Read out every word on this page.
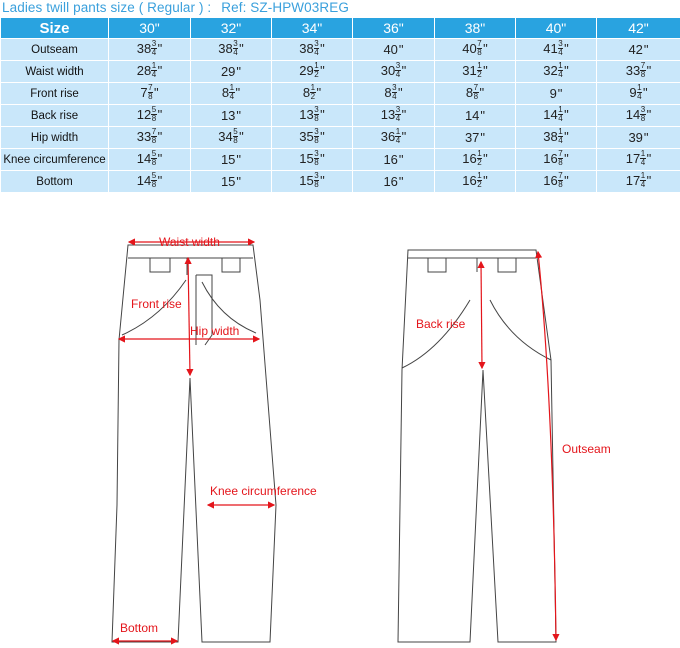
Ladies twill pants size ( Regular ) : Ref: SZ-HPW03REG
Size	30"	32"	34"	36"	38"	40"	42"
Outseam	$38 \frac{3}{4}$ "	$38 \frac{3}{4}$ "	$38 \frac{3}{4}$ "	40"	$40 \frac{7}{8}$ "	$41 \frac{3}{4}$ "	42"
Waist width	$28 \frac{1}{4}$ "	29"	$29 \frac{1}{2}$ "	$30 \frac{3}{4}$ "	$31 \frac{1}{2}$ "	$32 \frac{1}{4}$ "	$33 \frac{7}{8}$ "
Front rise	$7 \frac{7}{8}$ "	$8 \frac{1}{4}$ "	$8 \frac{1}{2}$ "	$8 \frac{3}{4}$ "	$8 \frac{7}{8}$ "	9"	$9 \frac{1}{4}$ "
Back rise	$12 \frac{5}{8}$ "	13"	$13 \frac{3}{8}$ "	$13 \frac{3}{4}$ "	14"	$14 \frac{1}{4}$ "	$14 \frac{3}{8}$ "
Hip width	$33 \frac{7}{8}$ "	$34 \frac{5}{8}$ "	$35 \frac{3}{8}$ "	$36 \frac{1}{4}$ "	37"	$38 \frac{1}{4}$ "	39"
Knee circumference	$14 \frac{5}{8}$ "	15"	$15 \frac{3}{8}$ "	16"	$16 \frac{1}{2}$ "	$16 \frac{7}{8}$ "	$17 \frac{1}{4}$ "
Bottom	$14 \frac{5}{8}$ "	15"	$15 \frac{3}{8}$ "	16"	$16 \frac{1}{2}$ "	$16 \frac{7}{8}$ "	$17 \frac{1}{4}$ "
Waist width
Front rise
Hip width
Knee circumference
Bottom
Back rise
Outseam
